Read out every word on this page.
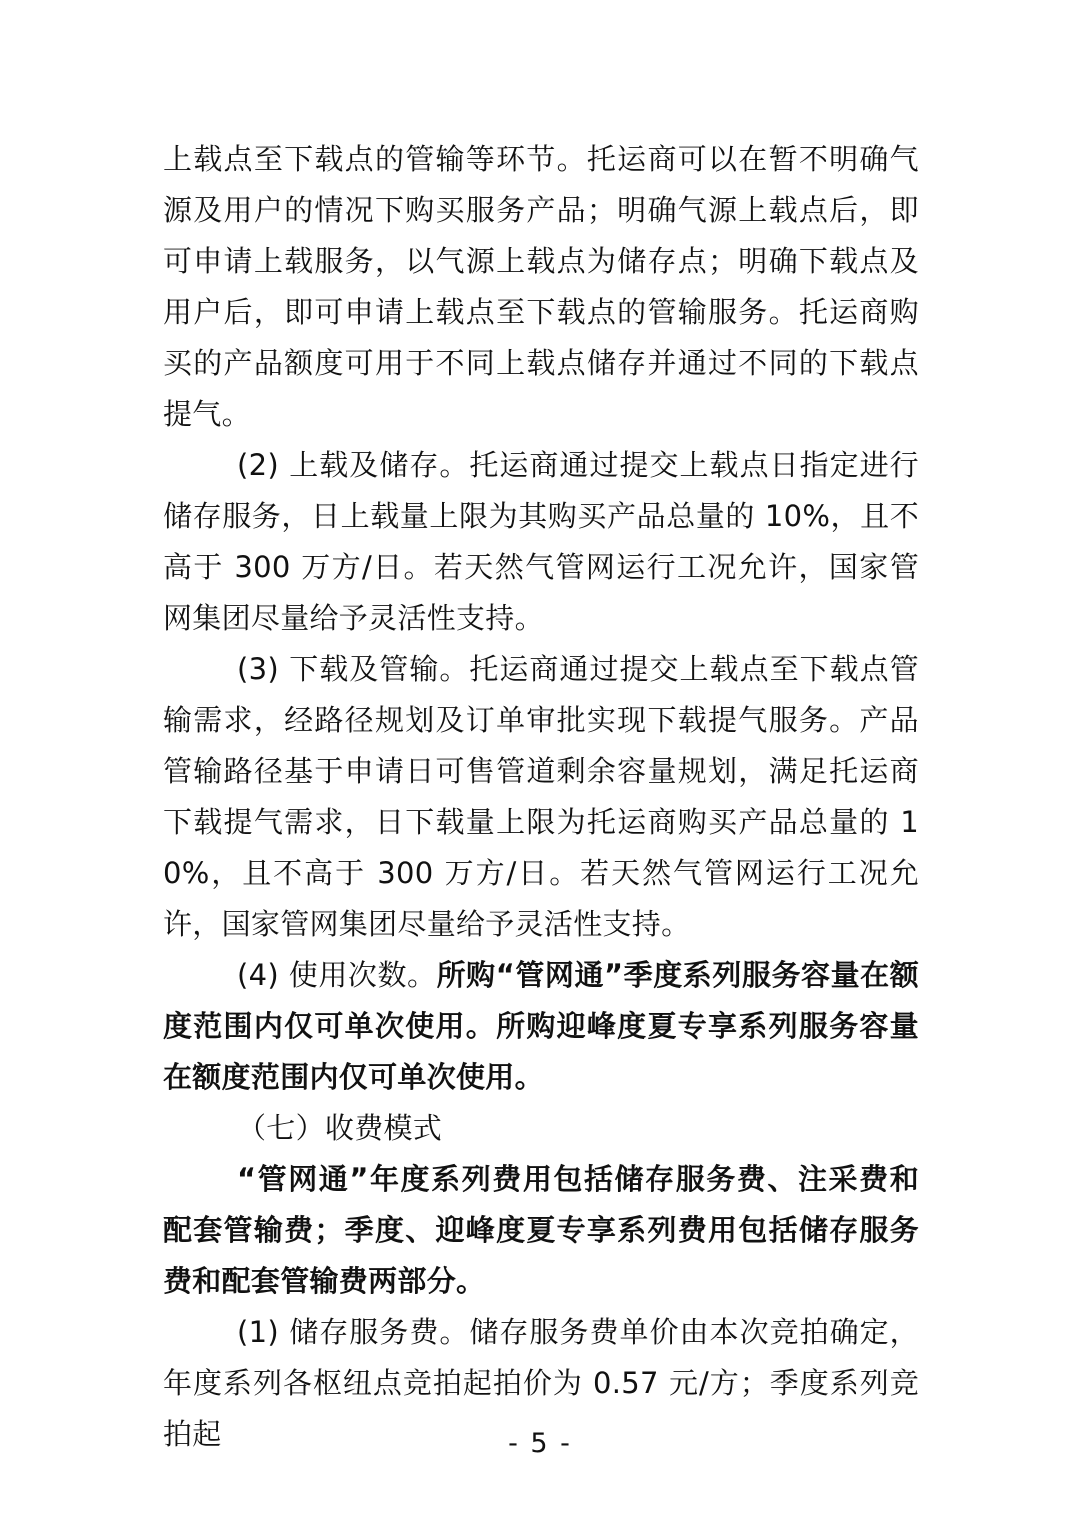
上载点至下载点的管输等环节。托运商可以在暂不明确气源及用户的情况下购买服务产品；明确气源上载点后，即可申请上载服务，以气源上载点为储存点；明确下载点及用户后，即可申请上载点至下载点的管输服务。托运商购买的产品额度可用于不同上载点储存并通过不同的下载点提气。

(2) 上载及储存。托运商通过提交上载点日指定进行储存服务，日上载量上限为其购买产品总量的 10%，且不高于 300 万方/日。若天然气管网运行工况允许，国家管网集团尽量给予灵活性支持。

(3) 下载及管输。托运商通过提交上载点至下载点管输需求，经路径规划及订单审批实现下载提气服务。产品管输路径基于申请日可售管道剩余容量规划，满足托运商下载提气需求，日下载量上限为托运商购买产品总量的 10%，且不高于 300 万方/日。若天然气管网运行工况允许，国家管网集团尽量给予灵活性支持。

(4) 使用次数。所购“管网通”季度系列服务容量在额度范围内仅可单次使用。所购迎峰度夏专享系列服务容量在额度范围内仅可单次使用。

（七）收费模式

“管网通”年度系列费用包括储存服务费、注采费和配套管输费；季度、迎峰度夏专享系列费用包括储存服务费和配套管输费两部分。

(1) 储存服务费。储存服务费单价由本次竞拍确定，年度系列各枢纽点竞拍起拍价为 0.57 元/方；季度系列竞拍起	- 5 -
